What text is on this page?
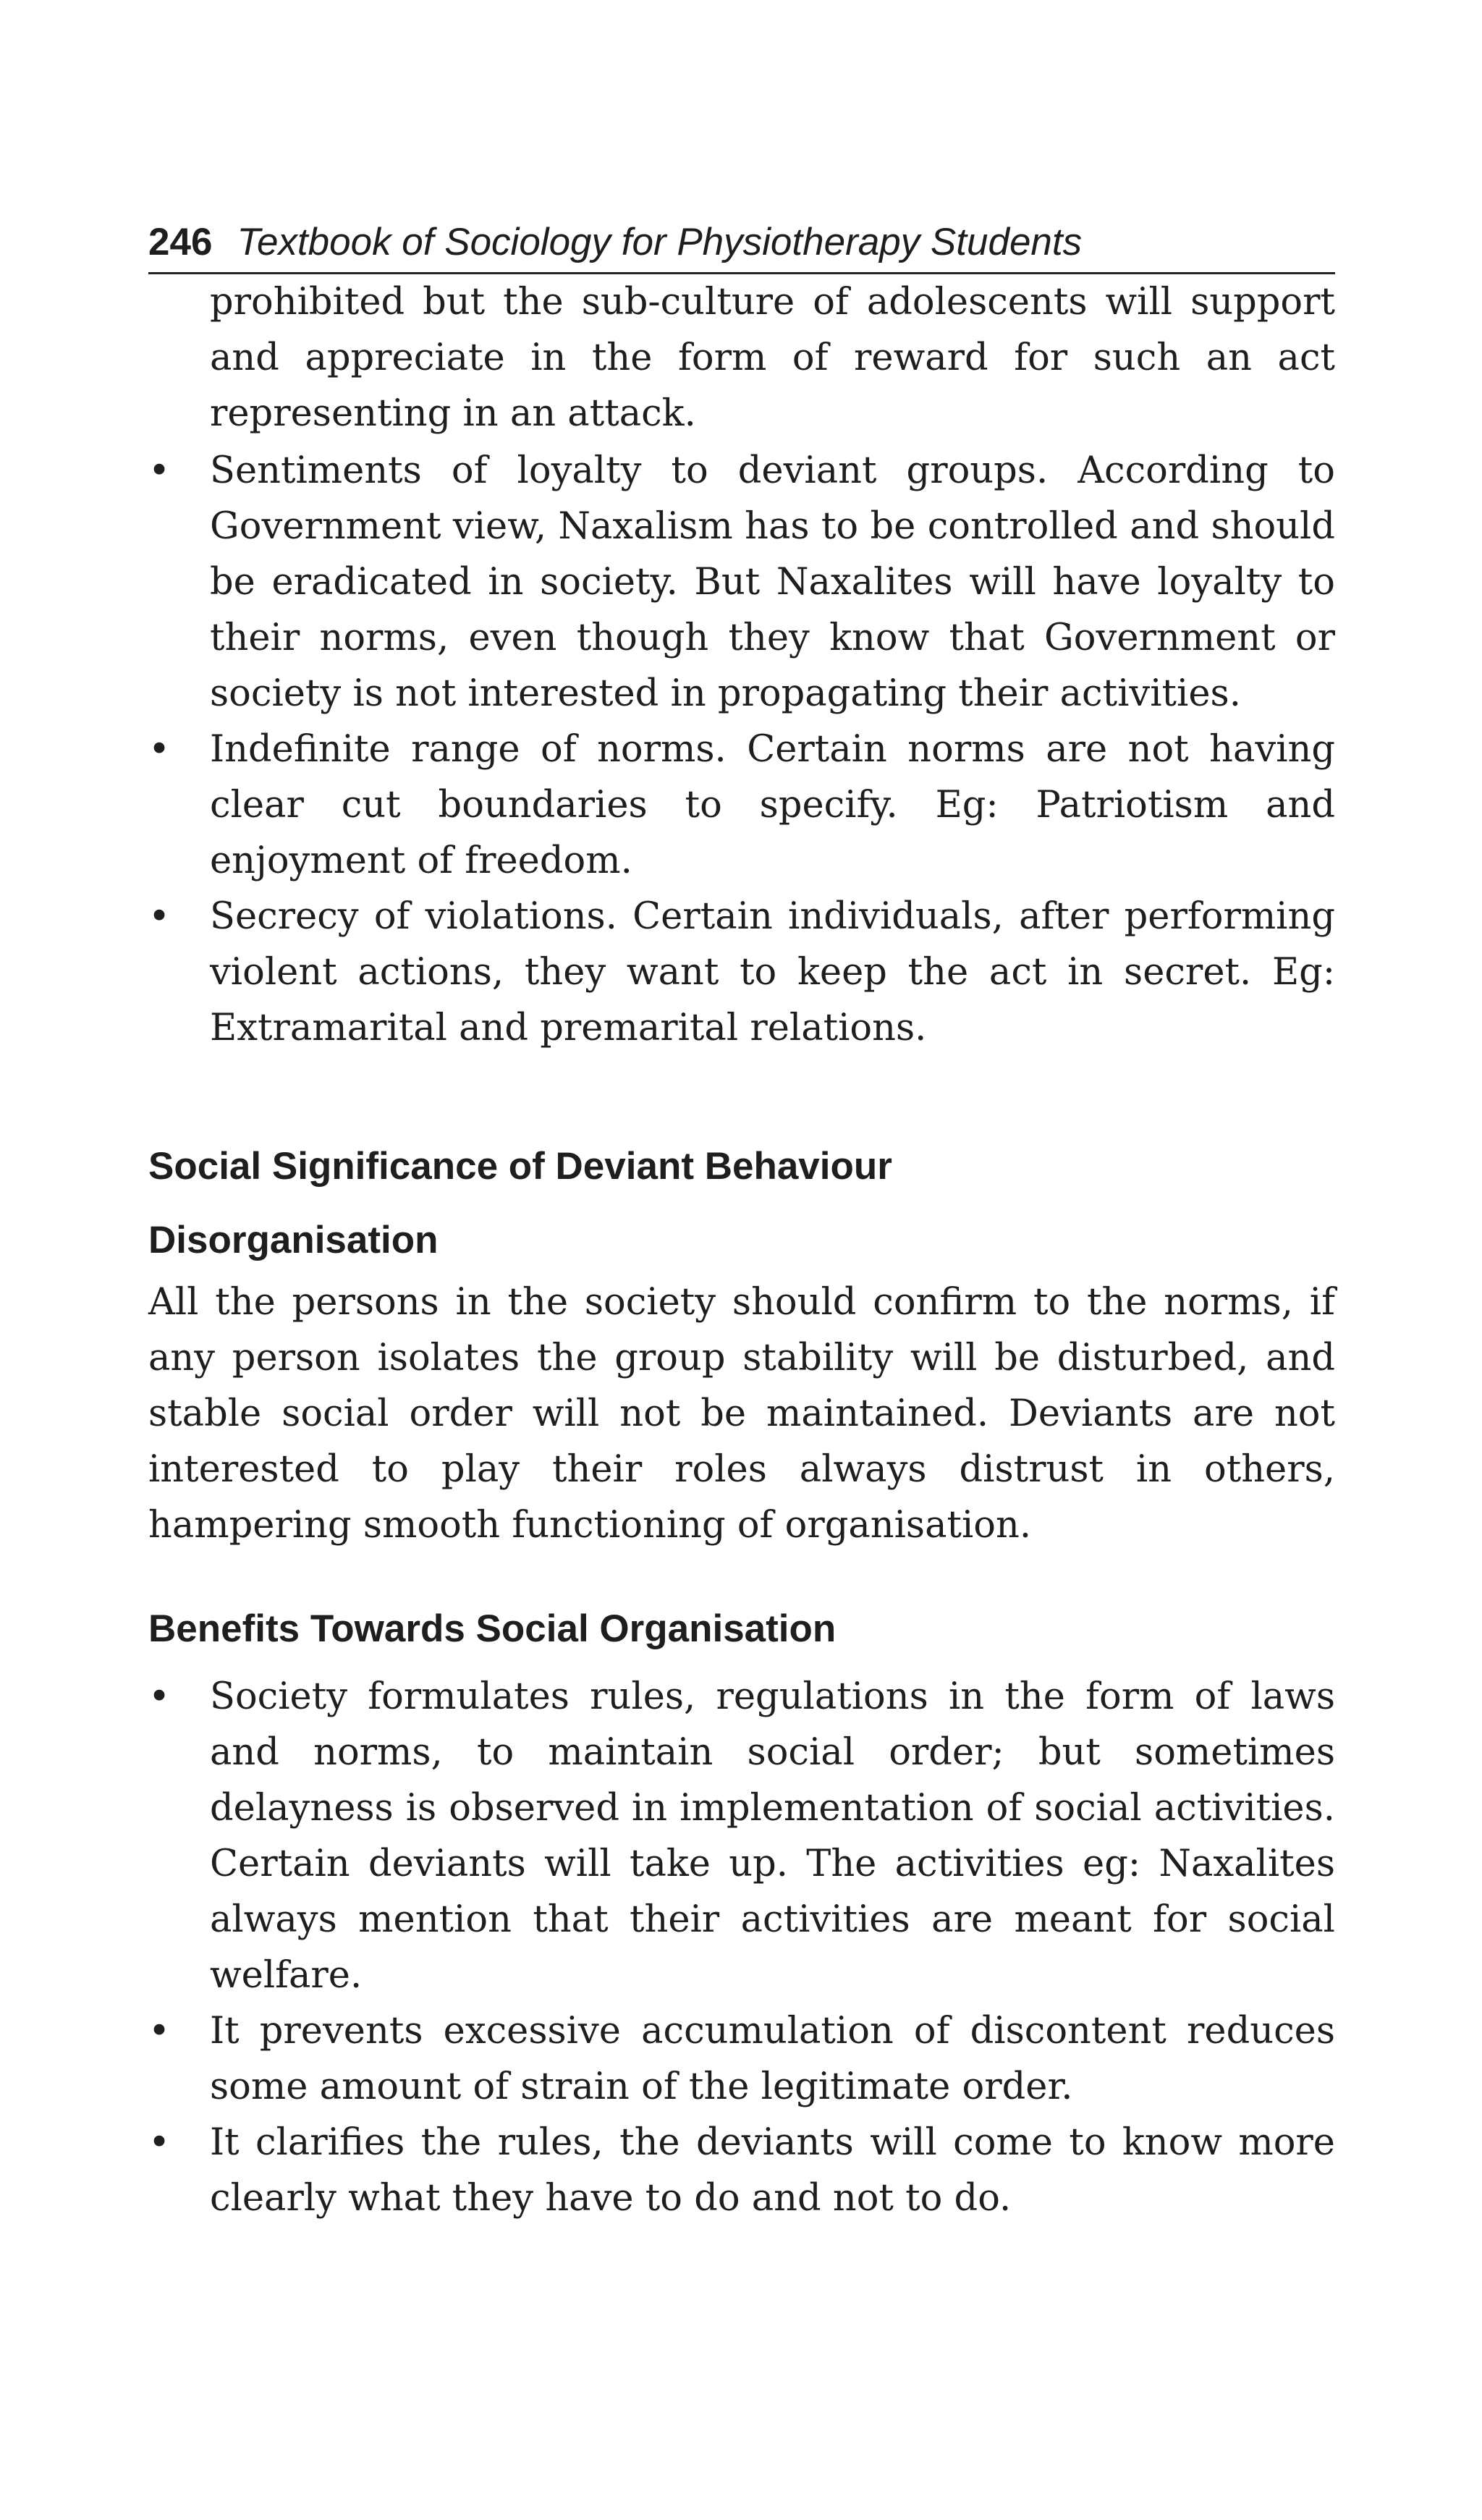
246 Textbook of Sociology for Physiotherapy Students

prohibited but the sub-culture of adolescents will support and appreciate in the form of reward for such an act representing in an attack.

•	Sentiments of loyalty to deviant groups. According to Government view, Naxalism has to be controlled and should be eradicated in society. But Naxalites will have loyalty to their norms, even though they know that Government or society is not interested in propagating their activities.
•	Indefinite range of norms. Certain norms are not having clear cut boundaries to specify. Eg: Patriotism and enjoyment of freedom.
•	Secrecy of violations. Certain individuals, after performing violent actions, they want to keep the act in secret. Eg: Extramarital and premarital relations.
Social Significance of Deviant Behaviour
Disorganisation

All the persons in the society should confirm to the norms, if any person isolates the group stability will be disturbed, and stable social order will not be maintained. Deviants are not interested to play their roles always distrust in others, hampering smooth functioning of organisation.

Benefits Towards Social Organisation
•	Society formulates rules, regulations in the form of laws and norms, to maintain social order; but sometimes delayness is observed in implementation of social activities. Certain deviants will take up. The activities eg: Naxalites always mention that their activities are meant for social welfare.
•	It prevents excessive accumulation of discontent reduces some amount of strain of the legitimate order.
•	It clarifies the rules, the deviants will come to know more clearly what they have to do and not to do.
